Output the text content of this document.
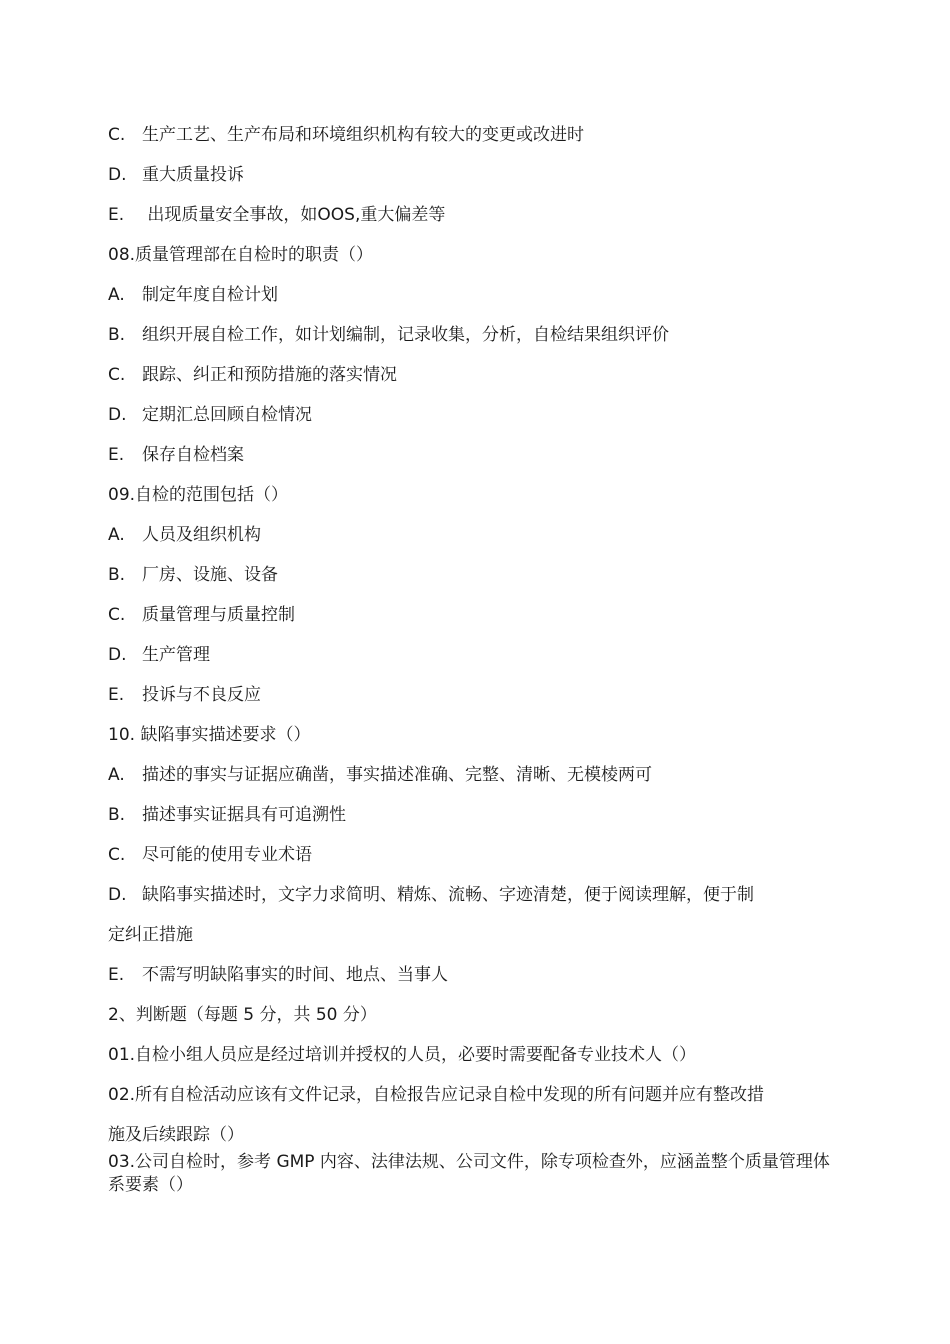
C. 生产工艺、生产布局和环境组织机构有较大的变更或改进时
D. 重大质量投诉
E. 出现质量安全事故，如OOS,重大偏差等
08.质量管理部在自检时的职责（）
A. 制定年度自检计划
B. 组织开展自检工作，如计划编制，记录收集，分析，自检结果组织评价
C. 跟踪、纠正和预防措施的落实情况
D. 定期汇总回顾自检情况
E. 保存自检档案
09.自检的范围包括（）
A. 人员及组织机构
B. 厂房、设施、设备
C. 质量管理与质量控制
D. 生产管理
E. 投诉与不良反应
10. 缺陷事实描述要求（）
A. 描述的事实与证据应确凿，事实描述准确、完整、清晰、无模棱两可
B. 描述事实证据具有可追溯性
C. 尽可能的使用专业术语
D. 缺陷事实描述时，文字力求简明、精炼、流畅、字迹清楚，便于阅读理解，便于制
定纠正措施
E. 不需写明缺陷事实的时间、地点、当事人
2、判断题（每题 5 分，共 50 分）
01.自检小组人员应是经过培训并授权的人员，必要时需要配备专业技术人（）
02.所有自检活动应该有文件记录，自检报告应记录自检中发现的所有问题并应有整改措
施及后续跟踪（）
03.公司自检时，参考 GMP 内容、法律法规、公司文件，除专项检查外，应涵盖整个质量管理体系要素（）
